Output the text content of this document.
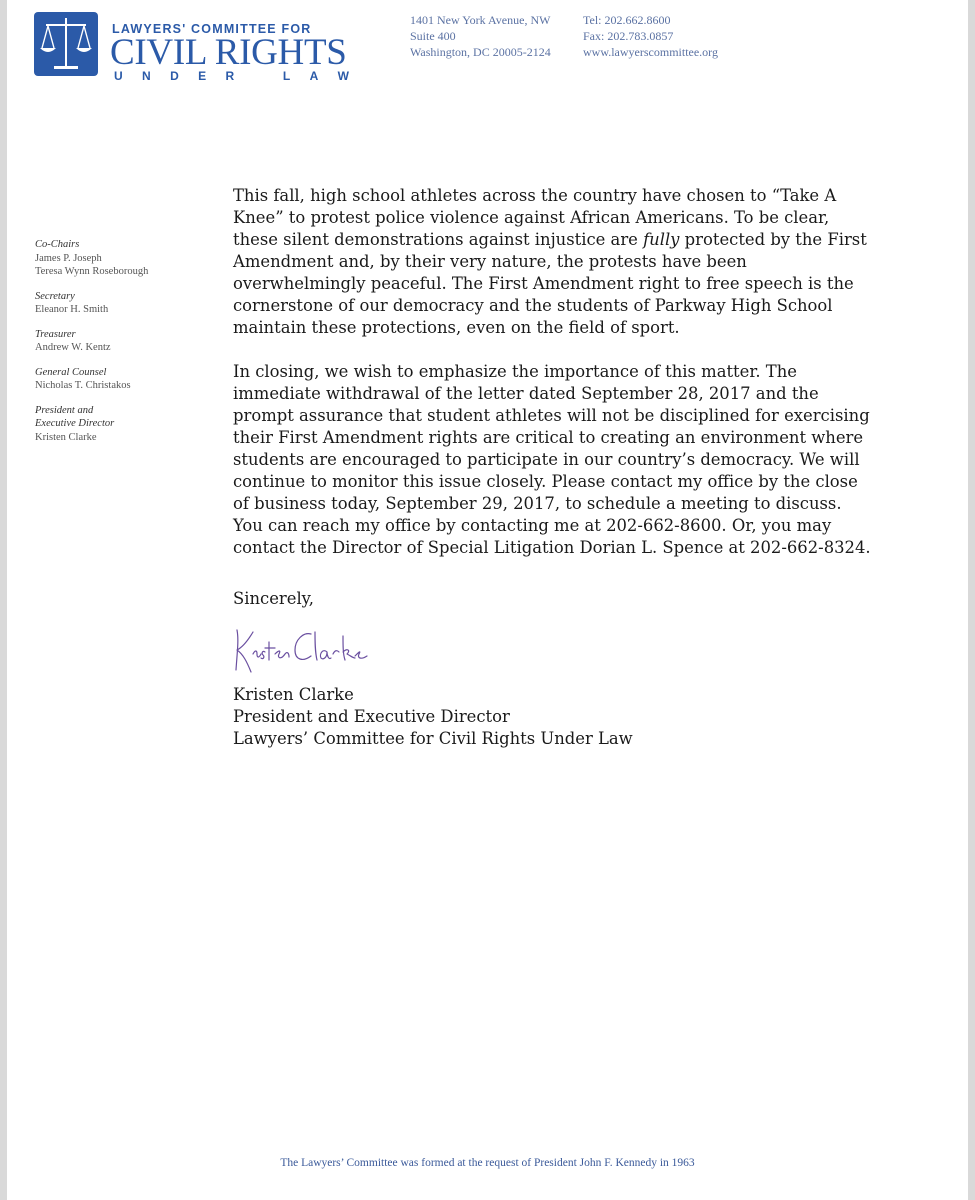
LAWYERS' COMMITTEE FOR
CIVIL RIGHTS
U N D E R	L A W
1401 New York Avenue, NW
Suite 400
Washington, DC 20005-2124
Tel: 202.662.8600
Fax: 202.783.0857
www.lawyerscommittee.org
Co-Chairs
James P. Joseph
Teresa Wynn Roseborough
Secretary
Eleanor H. Smith
Treasurer
Andrew W. Kentz
General Counsel
Nicholas T. Christakos
President and
Executive Director
Kristen Clarke

This fall, high school athletes across the country have chosen to “Take A Knee” to protest police violence against African Americans. To be clear, these silent demonstrations against injustice are fully protected by the First Amendment and, by their very nature, the protests have been overwhelmingly peaceful. The First Amendment right to free speech is the cornerstone of our democracy and the students of Parkway High School maintain these protections, even on the field of sport.

In closing, we wish to emphasize the importance of this matter. The immediate withdrawal of the letter dated September 28, 2017 and the prompt assurance that student athletes will not be disciplined for exercising their First Amendment rights are critical to creating an environment where students are encouraged to participate in our country’s democracy. We will continue to monitor this issue closely. Please contact my office by the close of business today, September 29, 2017, to schedule a meeting to discuss. You can reach my office by contacting me at 202-662-8600. Or, you may contact the Director of Special Litigation Dorian L. Spence at 202-662-8324.

Sincerely,

Kristen Clarke

President and Executive Director

Lawyers’ Committee for Civil Rights Under Law

The Lawyers’ Committee was formed at the request of President John F. Kennedy in 1963
